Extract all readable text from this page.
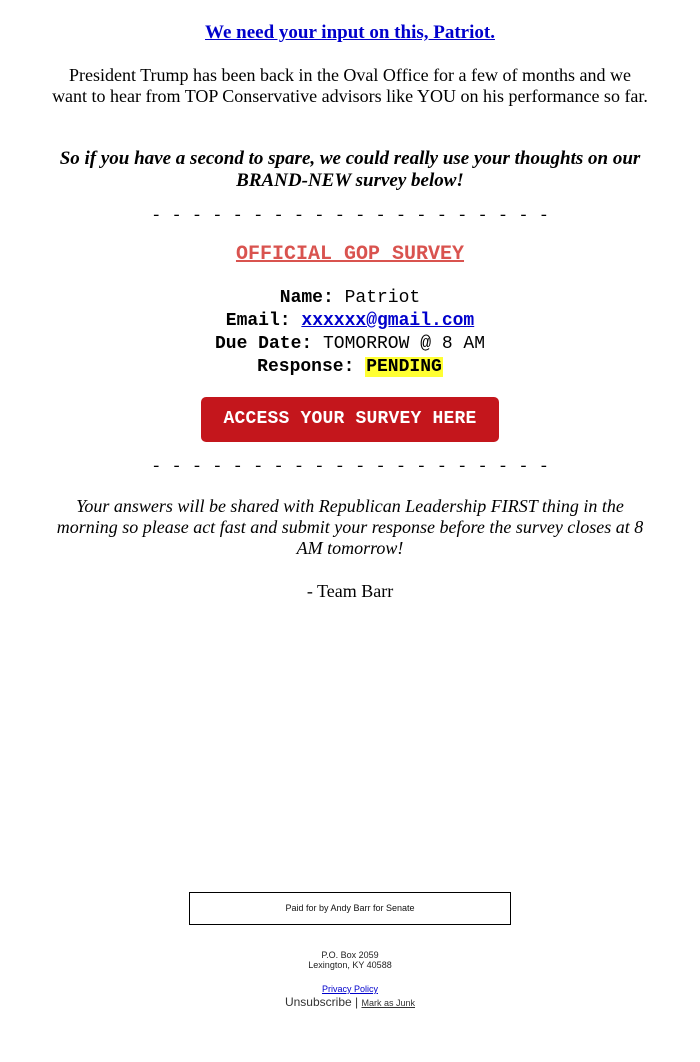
We need your input on this, Patriot.
President Trump has been back in the Oval Office for a few of months and we want to hear from TOP Conservative advisors like YOU on his performance so far.
So if you have a second to spare, we could really use your thoughts on our BRAND-NEW survey below!
- - - - - - - - - - - - - - - - - - - -
OFFICIAL GOP SURVEY
Name: Patriot
Email: xxxxxx@gmail.com
Due Date: TOMORROW @ 8 AM
Response: PENDING
ACCESS YOUR SURVEY HERE
- - - - - - - - - - - - - - - - - - - -
Your answers will be shared with Republican Leadership FIRST thing in the morning so please act fast and submit your response before the survey closes at 8 AM tomorrow!
- Team Barr
Paid for by Andy Barr for Senate
P.O. Box 2059
Lexington, KY 40588
Privacy Policy
Unsubscribe | Mark as Junk
